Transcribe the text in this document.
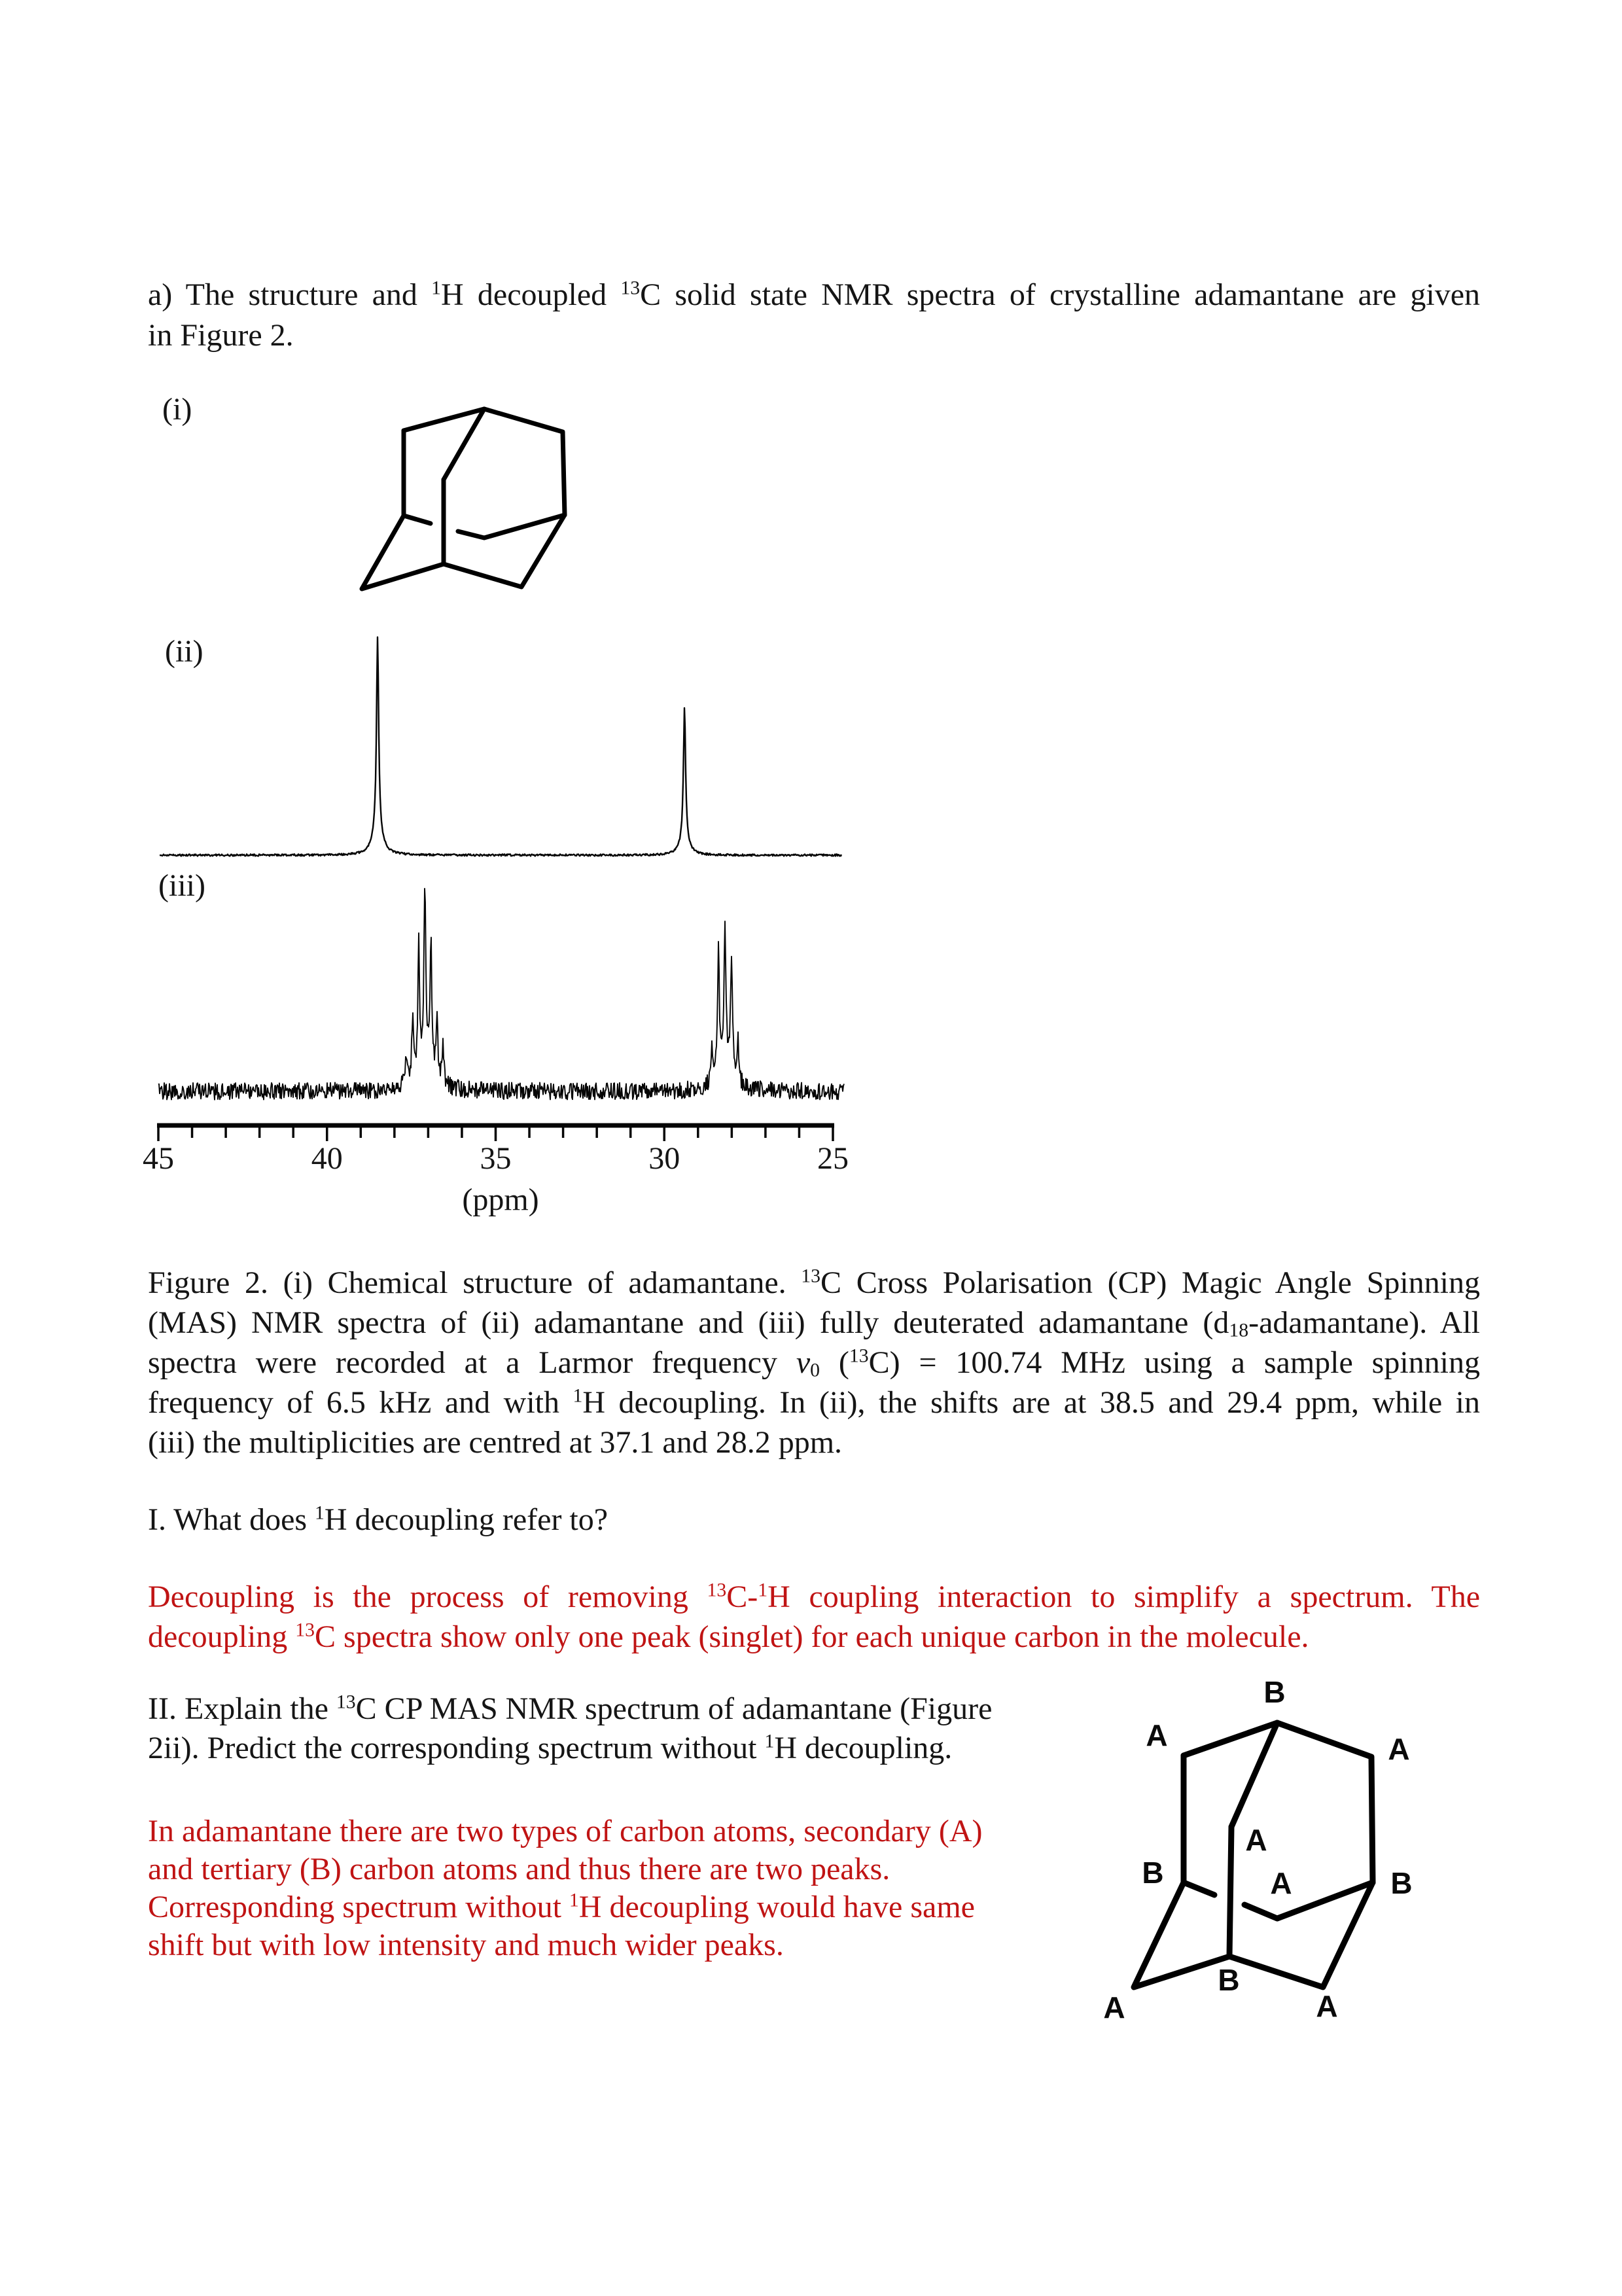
a) The structure and $^1$H decoupled $^{13}$C solid state NMR spectra of crystalline adamantane are given
in Figure 2.
(i)
(ii)
(iii)
45	40	35	30	25
(ppm)
Figure 2. (i) Chemical structure of adamantane. $^{13}$C Cross Polarisation (CP) Magic Angle Spinning
(MAS) NMR spectra of (ii) adamantane and (iii) fully deuterated adamantane $(d_{18}-adamantane)$. All
spectra were recorded at a Larmor frequency $\nu_0$ ($^{13}$C) = 100.74 MHz using a sample spinning
frequency of 6.5 kHz and with $^1$H decoupling. In (ii), the shifts are at 38.5 and 29.4 ppm, while in
(iii) the multiplicities are centred at 37.1 and 28.2 ppm.
I. What does $^1$H decoupling refer to?
Decoupling is the process of removing $^{13}$C-$^1$H coupling interaction to simplify a spectrum. The
decoupling $^{13}$C spectra show only one peak (singlet) for each unique carbon in the molecule.
II. Explain the $^{13}$C CP MAS NMR spectrum of adamantane (Figure
2ii). Predict the corresponding spectrum without $^1$H decoupling.
In adamantane there are two types of carbon atoms, secondary (A)
and tertiary (B) carbon atoms and thus there are two peaks.
Corresponding spectrum without $^1$H decoupling would have same
shift but with low intensity and much wider peaks.
B
A	A
B
A
A	B
B
A	A
